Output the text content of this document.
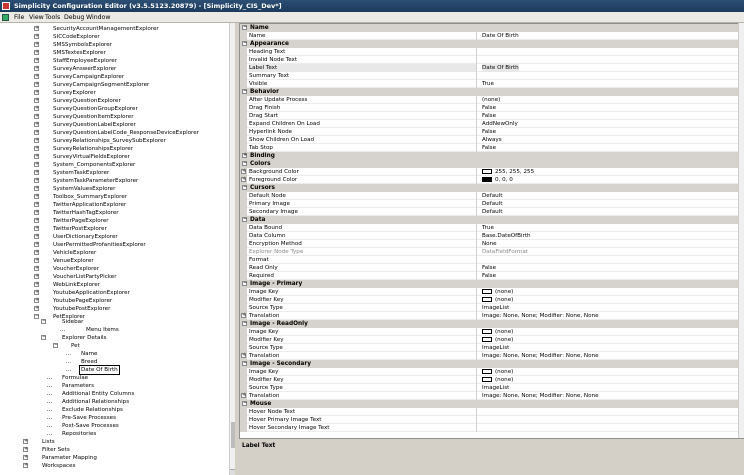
Simplicity Configuration Editor (v3.5.5123.20879) - [Simplicity_CIS_Dev*]
File View Tools Debug Window
+ SecurityAccountManagementExplorer
+ SICCodeExplorer
+ SMSSymbolsExplorer
+ SMSTextesExplorer
+ StaffEmployeeExplorer
+ SurveyAnswerExplorer
+ SurveyCampaignExplorer
+ SurveyCampaignSegmentExplorer
+ SurveyExplorer
+ SurveyQuestionExplorer
+ SurveyQuestionGroupExplorer
+ SurveyQuestionItemExplorer
+ SurveyQuestionLabelExplorer
+ SurveyQuestionLabelCode_ResponseDeviceExplorer
+ SurveyRelationships_SurveySubExplorer
+ SurveyRelationshipsExplorer
+ SurveyVirtualFieldsExplorer
+ System_ComponentsExplorer
+ SystemTaskExplorer
+ SystemTaskParameterExplorer
+ SystemValuesExplorer
+ Toolbox_SummaryExplorer
+ TwitterApplicationExplorer
+ TwitterHashTagExplorer
+ TwitterPageExplorer
+ TwitterPostExplorer
+ UserDictionaryExplorer
+ UserPermittedProfanitiesExplorer
+ VehicleExplorer
+ VenueExplorer
+ VoucherExplorer
+ VoucherListPartyPicker
+ WebLinkExplorer
+ YoutubeApplicationExplorer
+ YoutubePageExplorer
+ YoutubePostExplorer
− PetExplorer
−	Sidebar
Menu Items
−	Explorer Details
− Pet
Name
Breed
Date Of Birth
Formulae
Parameters
Additional Entity Columns
Additional Relationships
Exclude Relationships
Pre-Save Processes
Post-Save Processes
Repositories
+ Lists
+ Filter Sets
+ Parameter Mapping
+ Workspaces
− Name
Name	Date Of Birth
− Appearance
Heading Text
Invalid Node Text
Label Text	Date Of Birth
Summary Text
Visible	True
− Behavior
After Update Process	(none)
Drag Finish	False
Drag Start	False
Expand Children On Load	AddNewOnly
Hyperlink Node	False
Show Children On Load	Always
Tab Stop	False
+ Binding
− Colors
+ Background Color	255, 255, 255
+ Foreground Color	0, 0, 0
− Cursors
Default Node	Default
Primary Image	Default
Secondary Image	Default
− Data
Data Bound	True
Data Column	Base.DateOfBirth
Encryption Method	None
Explorer Node Type	DataFieldFormat
Format
Read Only	False
Required	False
− Image - Primary
Image Key	(none)
Modifier Key	(none)
Source Type	ImageList
+ Translation	Image: None, None; Modifier: None, None
− Image - ReadOnly
Image Key	(none)
Modifier Key	(none)
Source Type	ImageList
+ Translation	Image: None, None; Modifier: None, None
− Image - Secondary
Image Key	(none)
Modifier Key	(none)
Source Type	ImageList
+ Translation	Image: None, None; Modifier: None, None
− Mouse
Hover Node Text
Hover Primary Image Text
Hover Secondary Image Text
Label Text
